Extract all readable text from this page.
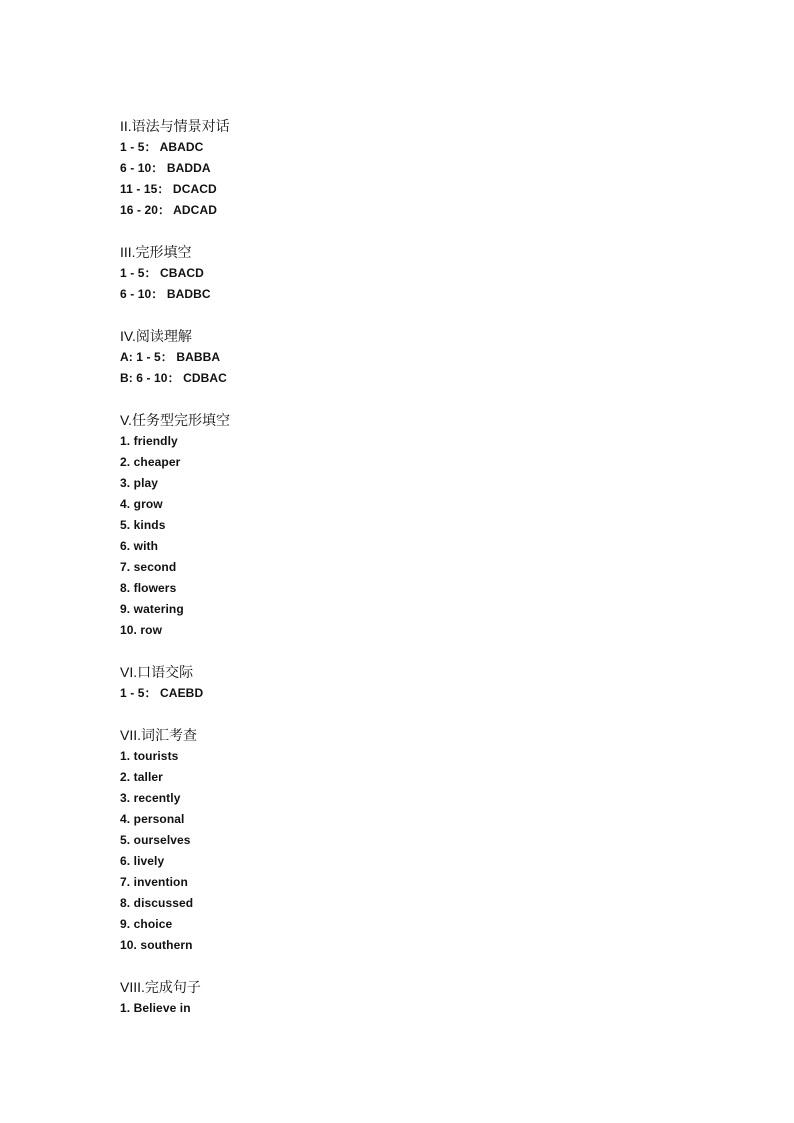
II.语法与情景对话
1 - 5： ABADC
6 - 10： BADDA
11 - 15： DCACD
16 - 20： ADCAD
III.完形填空
1 - 5： CBACD
6 - 10： BADBC
IV.阅读理解
A: 1 - 5： BABBA
B: 6 - 10： CDBAC
V.任务型完形填空
1. friendly
2. cheaper
3. play
4. grow
5. kinds
6. with
7. second
8. flowers
9. watering
10. row
VI.口语交际
1 - 5： CAEBD
VII.词汇考查
1. tourists
2. taller
3. recently
4. personal
5. ourselves
6. lively
7. invention
8. discussed
9. choice
10. southern
VIII.完成句子
1. Believe in
